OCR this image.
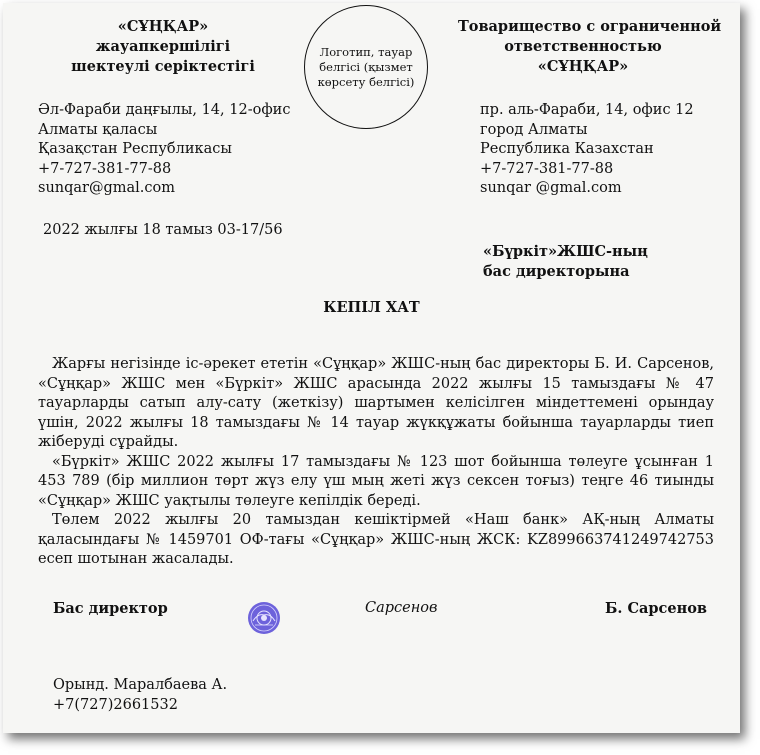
«СҰҢҚАР»
жауапкершілігі
шектеулі серіктестігі
Логотип, тауар
белгісі (қызмет
көрсету белгісі)
Товарищество с ограниченной
ответственностью
«СҰҢҚАР»
Әл-Фараби даңғылы, 14, 12-офис
Алматы қаласы
Қазақстан Республикасы
+7-727-381-77-88
sunqar@gmal.com
пр. аль-Фараби, 14, офис 12
город Алматы
Республика Казахстан
+7-727-381-77-88
sunqar @gmal.com
2022 жылғы 18 тамыз 03-17/56
«Бүркіт»ЖШС-ның
бас директорына
КЕПІЛ ХАТ

Жарғы негізінде іс-әрекет ететін «Сұңқар» ЖШС-ның бас директоры Б. И. Сарсенов, «Сұңқар» ЖШС мен «Бүркіт» ЖШС арасында 2022 жылғы 15 тамыздағы № 47 тауарларды сатып алу-сату (жеткізу) шартымен келісілген міндеттемені орындау үшін, 2022 жылғы 18 тамыздағы № 14 тауар жүкқұжаты бойынша тауарларды тиеп жіберуді сұрайды.

«Бүркіт» ЖШС 2022 жылғы 17 тамыздағы № 123 шот бойынша төлеуге ұсынған 1 453 789 (бір миллион төрт жүз елу үш мың жеті жүз сексен тоғыз) теңге 46 тиынды «Сұңқар» ЖШС уақтылы төлеуге кепілдік береді.

Төлем 2022 жылғы 20 тамыздан кешіктірмей «Наш банк» АҚ-ның Алматы қаласындағы № 1459701 ОФ-тағы «Сұңқар» ЖШС-ның ЖСК: KZ899663741249742753 есеп шотынан жасалады.

Бас директор	Сарсенов	Б. Сарсенов
Орынд. Маралбаева А.
+7(727)2661532
